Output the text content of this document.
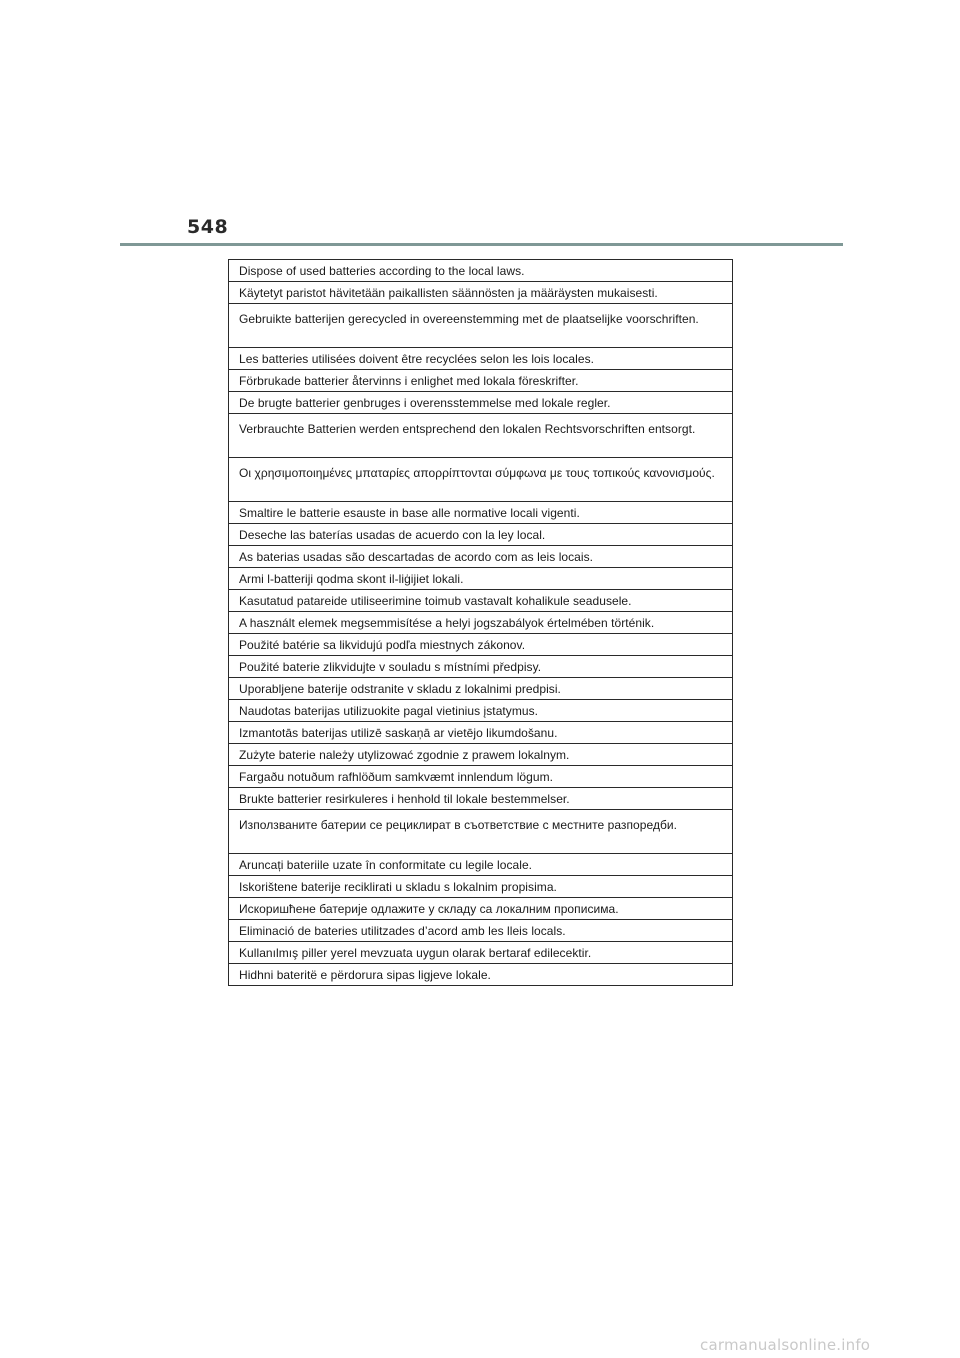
548
Dispose of used batteries according to the local laws.
Käytetyt paristot hävitetään paikallisten säännösten ja määräysten mukaisesti.
Gebruikte batterijen gerecycled in overeenstemming met de plaatselijke voorschriften.
Les batteries utilisées doivent être recyclées selon les lois locales.
Förbrukade batterier återvinns i enlighet med lokala föreskrifter.
De brugte batterier genbruges i overensstemmelse med lokale regler.
Verbrauchte Batterien werden entsprechend den lokalen Rechtsvorschriften entsorgt.
Οι χρησιμοποιημένες μπαταρίες απορρίπτονται σύμφωνα με τους τοπικούς κανονισμούς.
Smaltire le batterie esauste in base alle normative locali vigenti.
Deseche las baterías usadas de acuerdo con la ley local.
As baterias usadas são descartadas de acordo com as leis locais.
Armi l-batteriji qodma skont il-liġijiet lokali.
Kasutatud patareide utiliseerimine toimub vastavalt kohalikule seadusele.
A használt elemek megsemmisítése a helyi jogszabályok értelmében történik.
Použité batérie sa likvidujú podľa miestnych zákonov.
Použité baterie zlikvidujte v souladu s místními předpisy.
Uporabljene baterije odstranite v skladu z lokalnimi predpisi.
Naudotas baterijas utilizuokite pagal vietinius įstatymus.
Izmantotās baterijas utilizē saskaņā ar vietējo likumdošanu.
Zużyte baterie należy utylizować zgodnie z prawem lokalnym.
Fargaðu notuðum rafhlöðum samkvæmt innlendum lögum.
Brukte batterier resirkuleres i henhold til lokale bestemmelser.
Използваните батерии се рециклират в съответствие с местните разпоредби.
Aruncați bateriile uzate în conformitate cu legile locale.
Iskorištene baterije reciklirati u skladu s lokalnim propisima.
Искоришћене батерије одлажите у складу са локалним прописима.
Eliminació de bateries utilitzades d’acord amb les lleis locals.
Kullanılmış piller yerel mevzuata uygun olarak bertaraf edilecektir.
Hidhni bateritë e përdorura sipas ligjeve lokale.
carmanualsonline.info
